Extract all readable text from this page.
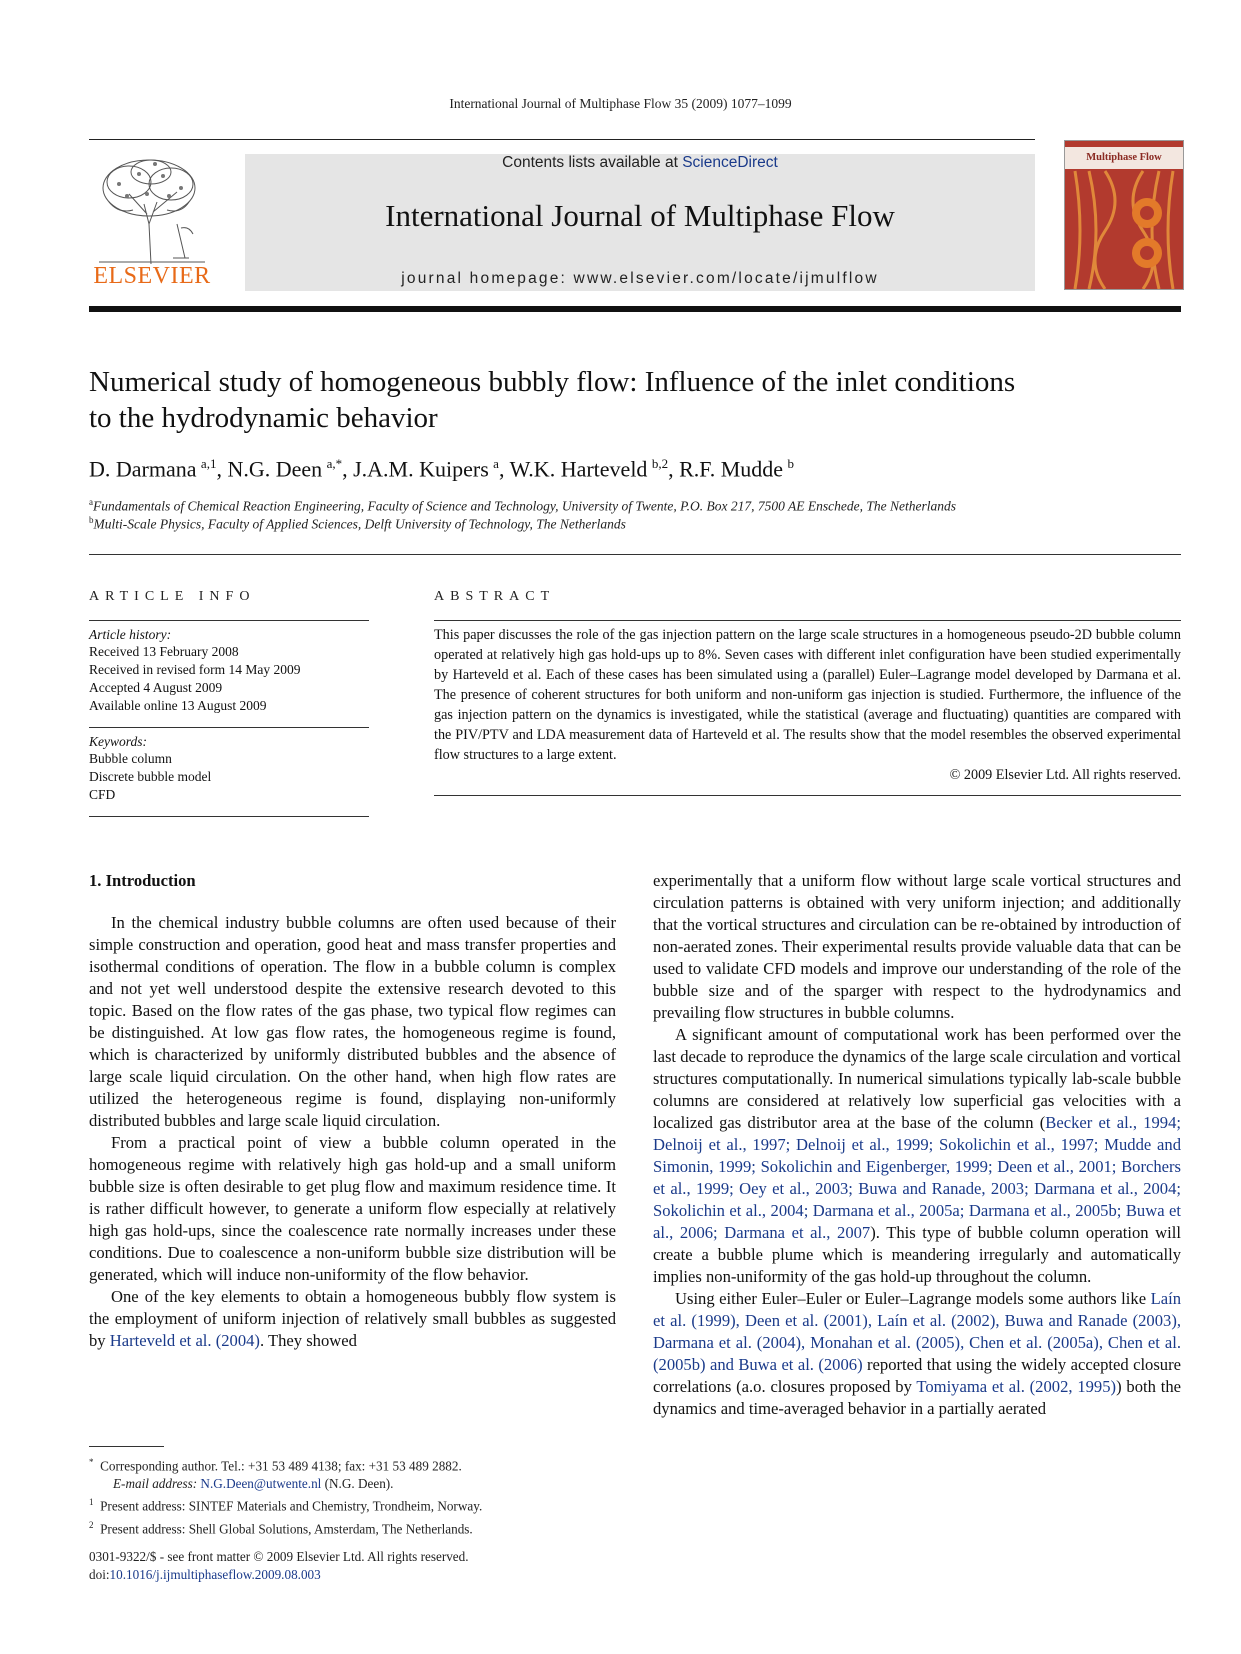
International Journal of Multiphase Flow 35 (2009) 1077–1099
ELSEVIER
Contents lists available at ScienceDirect
International Journal of Multiphase Flow
journal homepage: www.elsevier.com/locate/ijmulflow
Multiphase Flow
Numerical study of homogeneous bubbly flow: Influence of the inlet conditions
to the hydrodynamic behavior
D. Darmana  $^{a,1}$, N.G. Deen  $^{a,*}$, J.A.M. Kuipers  $^a$, W.K. Harteveld  $^{b,2}$, R.F. Mudde  $^b$
$^a$Fundamentals of Chemical Reaction Engineering, Faculty of Science and Technology, University of Twente, P.O. Box 217, 7500 AE Enschede, The Netherlands
$^b$Multi-Scale Physics, Faculty of Applied Sciences, Delft University of Technology, The Netherlands
ARTICLE INFO
Article history:
Received 13 February 2008
Received in revised form 14 May 2009
Accepted 4 August 2009
Available online 13 August 2009
Keywords:
Bubble column
Discrete bubble model
CFD
ABSTRACT
This paper discusses the role of the gas injection pattern on the large scale structures in a homogeneous pseudo-2D bubble column operated at relatively high gas hold-ups up to 8%. Seven cases with different inlet configuration have been studied experimentally by Harteveld et al. Each of these cases has been simulated using a (parallel) Euler–Lagrange model developed by Darmana et al. The presence of coherent structures for both uniform and non-uniform gas injection is studied. Furthermore, the influence of the gas injection pattern on the dynamics is investigated, while the statistical (average and fluctuating) quantities are compared with the PIV/PTV and LDA measurement data of Harteveld et al. The results show that the model resembles the observed experimental flow structures to a large extent.
© 2009 Elsevier Ltd. All rights reserved.
1. Introduction

In the chemical industry bubble columns are often used because of their simple construction and operation, good heat and mass transfer properties and isothermal conditions of operation. The flow in a bubble column is complex and not yet well understood despite the extensive research devoted to this topic. Based on the flow rates of the gas phase, two typical flow regimes can be distinguished. At low gas flow rates, the homogeneous regime is found, which is characterized by uniformly distributed bubbles and the absence of large scale liquid circulation. On the other hand, when high flow rates are utilized the heterogeneous regime is found, displaying non-uniformly distributed bubbles and large scale liquid circulation.

From a practical point of view a bubble column operated in the homogeneous regime with relatively high gas hold-up and a small uniform bubble size is often desirable to get plug flow and maximum residence time. It is rather difficult however, to generate a uniform flow especially at relatively high gas hold-ups, since the coalescence rate normally increases under these conditions. Due to coalescence a non-uniform bubble size distribution will be generated, which will induce non-uniformity of the flow behavior.

One of the key elements to obtain a homogeneous bubbly flow system is the employment of uniform injection of relatively small bubbles as suggested by Harteveld et al. (2004). They showed

experimentally that a uniform flow without large scale vortical structures and circulation patterns is obtained with very uniform injection; and additionally that the vortical structures and circulation can be re-obtained by introduction of non-aerated zones. Their experimental results provide valuable data that can be used to validate CFD models and improve our understanding of the role of the bubble size and of the sparger with respect to the hydrodynamics and prevailing flow structures in bubble columns.

A significant amount of computational work has been performed over the last decade to reproduce the dynamics of the large scale circulation and vortical structures computationally. In numerical simulations typically lab-scale bubble columns are considered at relatively low superficial gas velocities with a localized gas distributor area at the base of the column (Becker et al., 1994; Delnoij et al., 1997; Delnoij et al., 1999; Sokolichin et al., 1997; Mudde and Simonin, 1999; Sokolichin and Eigenberger, 1999; Deen et al., 2001; Borchers et al., 1999; Oey et al., 2003; Buwa and Ranade, 2003; Darmana et al., 2004; Sokolichin et al., 2004; Darmana et al., 2005a; Darmana et al., 2005b; Buwa et al., 2006; Darmana et al., 2007). This type of bubble column operation will create a bubble plume which is meandering irregularly and automatically implies non-uniformity of the gas hold-up throughout the column.

Using either Euler–Euler or Euler–Lagrange models some authors like Laín et al. (1999), Deen et al. (2001), Laín et al. (2002), Buwa and Ranade (2003), Darmana et al. (2004), Monahan et al. (2005), Chen et al. (2005a), Chen et al. (2005b) and Buwa et al. (2006) reported that using the widely accepted closure correlations (a.o. closures proposed by Tomiyama et al. (2002, 1995)) both the dynamics and time-averaged behavior in a partially aerated

* Corresponding author. Tel.: +31 53 489 4138; fax: +31 53 489 2882.
E-mail address: N.G.Deen@utwente.nl (N.G. Deen).
$^1$ Present address: SINTEF Materials and Chemistry, Trondheim, Norway.
$^2$ Present address: Shell Global Solutions, Amsterdam, The Netherlands.
0301-9322/$ - see front matter © 2009 Elsevier Ltd. All rights reserved.
doi:10.1016/j.ijmultiphaseflow.2009.08.003
